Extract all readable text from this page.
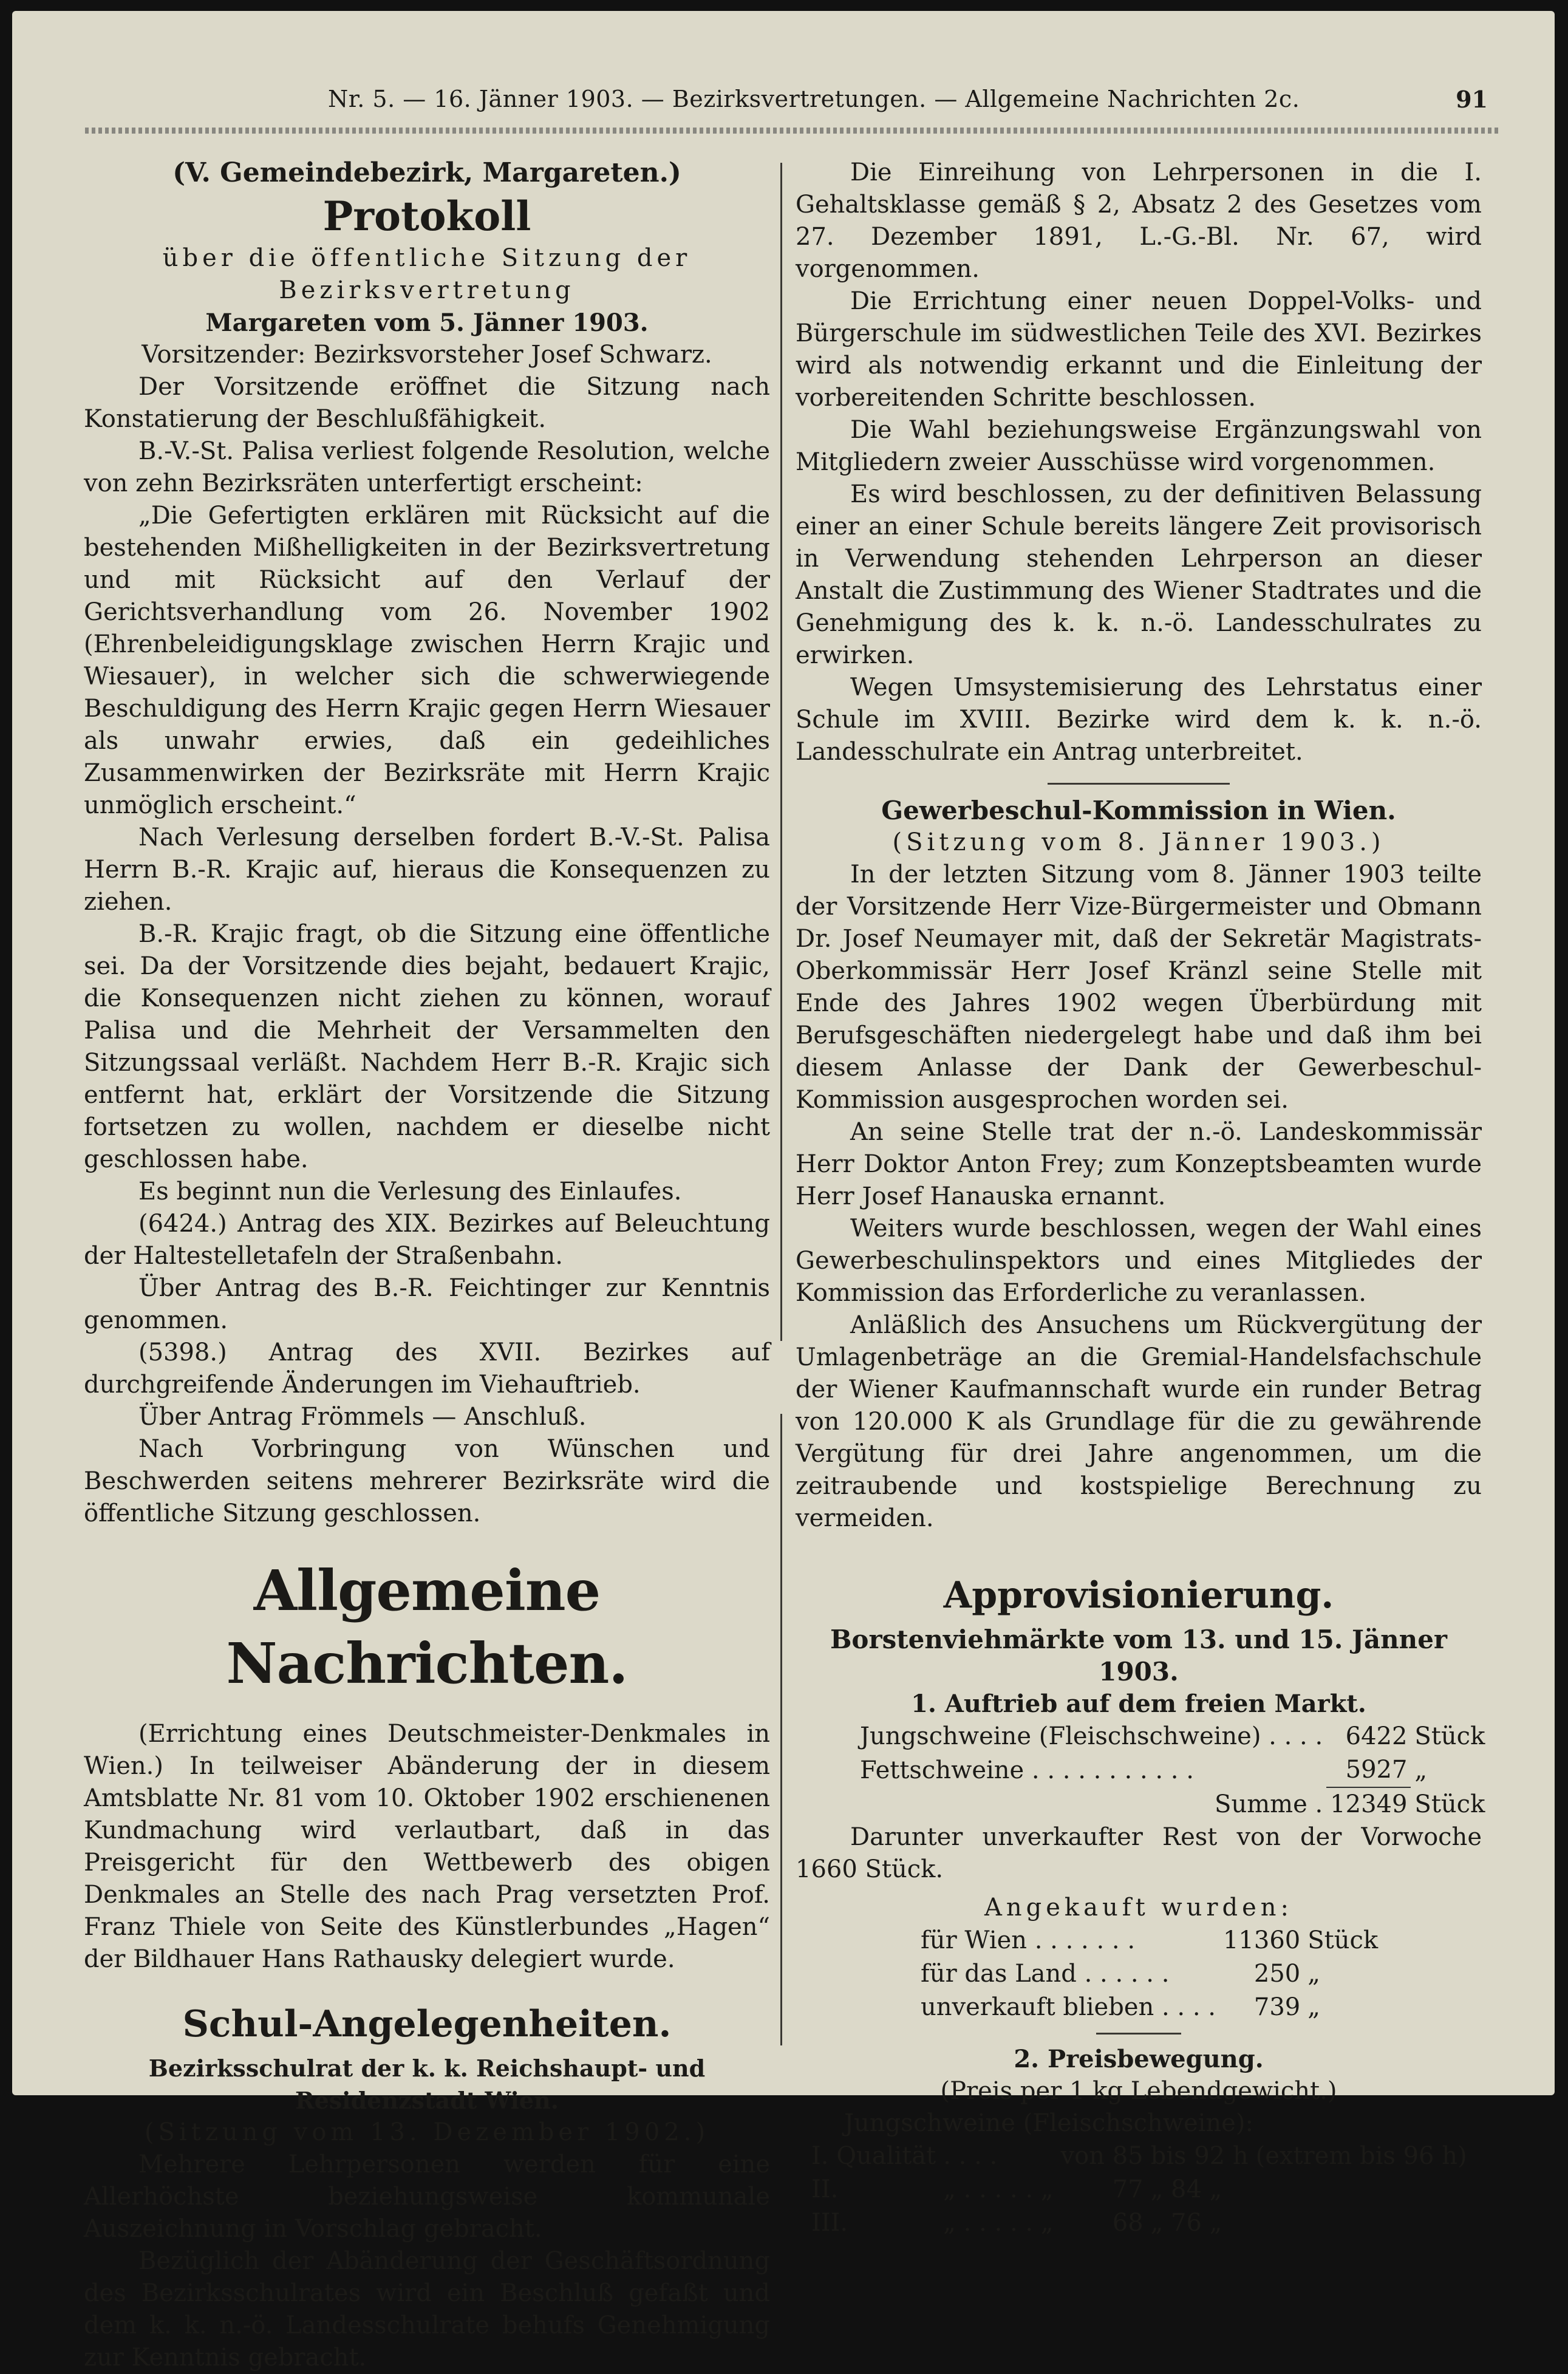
Nr. 5. — 16. Jänner 1903. — Bezirksvertretungen. — Allgemeine Nachrichten 2c.	91

(V. Gemeindebezirk, Margareten.)

Protokoll

über die öffentliche Sitzung der Bezirksvertretung

Margareten vom 5. Jänner 1903.

Vorsitzender: Bezirksvorsteher Josef Schwarz.

Der Vorsitzende eröffnet die Sitzung nach Konstatierung der Beschlußfähigkeit.

B.-V.-St. Palisa verliest folgende Resolution, welche von zehn Bezirksräten unterfertigt erscheint:

„Die Gefertigten erklären mit Rücksicht auf die bestehenden Mißhelligkeiten in der Bezirksvertretung und mit Rücksicht auf den Verlauf der Gerichtsverhandlung vom 26. November 1902 (Ehrenbeleidigungsklage zwischen Herrn Krajic und Wiesauer), in welcher sich die schwerwiegende Beschuldigung des Herrn Krajic gegen Herrn Wiesauer als unwahr erwies, daß ein gedeihliches Zusammenwirken der Bezirksräte mit Herrn Krajic unmöglich erscheint.“

Nach Verlesung derselben fordert B.-V.-St. Palisa Herrn B.-R. Krajic auf, hieraus die Konsequenzen zu ziehen.

B.-R. Krajic fragt, ob die Sitzung eine öffentliche sei. Da der Vorsitzende dies bejaht, bedauert Krajic, die Konsequenzen nicht ziehen zu können, worauf Palisa und die Mehrheit der Versammelten den Sitzungssaal verläßt. Nachdem Herr B.-R. Krajic sich entfernt hat, erklärt der Vorsitzende die Sitzung fortsetzen zu wollen, nachdem er dieselbe nicht geschlossen habe.

Es beginnt nun die Verlesung des Einlaufes.

(6424.) Antrag des XIX. Bezirkes auf Beleuchtung der Haltestelletafeln der Straßenbahn.

Über Antrag des B.-R. Feichtinger zur Kenntnis genommen.

(5398.) Antrag des XVII. Bezirkes auf durchgreifende Änderungen im Viehauftrieb.

Über Antrag Frömmels — Anschluß.

Nach Vorbringung von Wünschen und Beschwerden seitens mehrerer Bezirksräte wird die öffentliche Sitzung geschlossen.

Allgemeine Nachrichten.

(Errichtung eines Deutschmeister-Denkmales in Wien.) In teilweiser Abänderung der in diesem Amtsblatte Nr. 81 vom 10. Oktober 1902 erschienenen Kundmachung wird verlautbart, daß in das Preisgericht für den Wettbewerb des obigen Denkmales an Stelle des nach Prag versetzten Prof. Franz Thiele von Seite des Künstlerbundes „Hagen“ der Bildhauer Hans Rathausky delegiert wurde.

Schul-Angelegenheiten.

Bezirksschulrat der k. k. Reichshaupt- und Residenzstadt Wien.

(Sitzung vom 13. Dezember 1902.)

Mehrere Lehrpersonen werden für eine Allerhöchste beziehungsweise kommunale Auszeichnung in Vorschlag gebracht.

Bezüglich der Abänderung der Geschäftsordnung des Bezirksschulrates wird ein Beschluß gefaßt und dem k. k. n.-ö. Landesschulrate behufs Genehmigung zur Kenntnis gebracht.

Die Einreihung von Lehrpersonen in die I. Gehaltsklasse gemäß § 2, Absatz 2 des Gesetzes vom 27. Dezember 1891, L.-G.-Bl. Nr. 67, wird vorgenommen.

Die Errichtung einer neuen Doppel-Volks- und Bürgerschule im südwestlichen Teile des XVI. Bezirkes wird als notwendig erkannt und die Einleitung der vorbereitenden Schritte beschlossen.

Die Wahl beziehungsweise Ergänzungswahl von Mitgliedern zweier Ausschüsse wird vorgenommen.

Es wird beschlossen, zu der definitiven Belassung einer an einer Schule bereits längere Zeit provisorisch in Verwendung stehenden Lehrperson an dieser Anstalt die Zustimmung des Wiener Stadtrates und die Genehmigung des k. k. n.-ö. Landesschulrates zu erwirken.

Wegen Umsystemisierung des Lehrstatus einer Schule im XVIII. Bezirke wird dem k. k. n.-ö. Landesschulrate ein Antrag unterbreitet.

Gewerbeschul-Kommission in Wien.

(Sitzung vom 8. Jänner 1903.)

In der letzten Sitzung vom 8. Jänner 1903 teilte der Vorsitzende Herr Vize-Bürgermeister und Obmann Dr. Josef Neumayer mit, daß der Sekretär Magistrats-Oberkommissär Herr Josef Kränzl seine Stelle mit Ende des Jahres 1902 wegen Überbürdung mit Berufsgeschäften niedergelegt habe und daß ihm bei diesem Anlasse der Dank der Gewerbeschul-Kommission ausgesprochen worden sei.

An seine Stelle trat der n.-ö. Landeskommissär Herr Doktor Anton Frey; zum Konzeptsbeamten wurde Herr Josef Hanauska ernannt.

Weiters wurde beschlossen, wegen der Wahl eines Gewerbeschulinspektors und eines Mitgliedes der Kommission das Erforderliche zu veranlassen.

Anläßlich des Ansuchens um Rückvergütung der Umlagenbeträge an die Gremial-Handelsfachschule der Wiener Kaufmannschaft wurde ein runder Betrag von 120.000 K als Grundlage für die zu gewährende Vergütung für drei Jahre angenommen, um die zeitraubende und kostspielige Berechnung zu vermeiden.

Approvisionierung.

Borstenviehmärkte vom 13. und 15. Jänner 1903.

1. Auftrieb auf dem freien Markt.

Jungschweine (Fleischschweine) . . . .	6422	Stück
Fettschweine . . . . . . . . . . .	5927	„
Summe .	12349	Stück

Darunter unverkaufter Rest von der Vorwoche 1660 Stück.

Angekauft wurden:

für Wien . . . . . . .	11360	Stück
für das Land . . . . . .	250	„
unverkauft blieben . . . .	739	„

2. Preisbewegung.

(Preis per 1 kg Lebendgewicht.)

Jungschweine (Fleischschweine):

I. Qualität	. . . .	von 85	bis 92 h	(extrem bis 96 h)
II.	„ . . . . . „	77	„ 84 „	
III.	„ . . . . . „	68	„ 76 „	
